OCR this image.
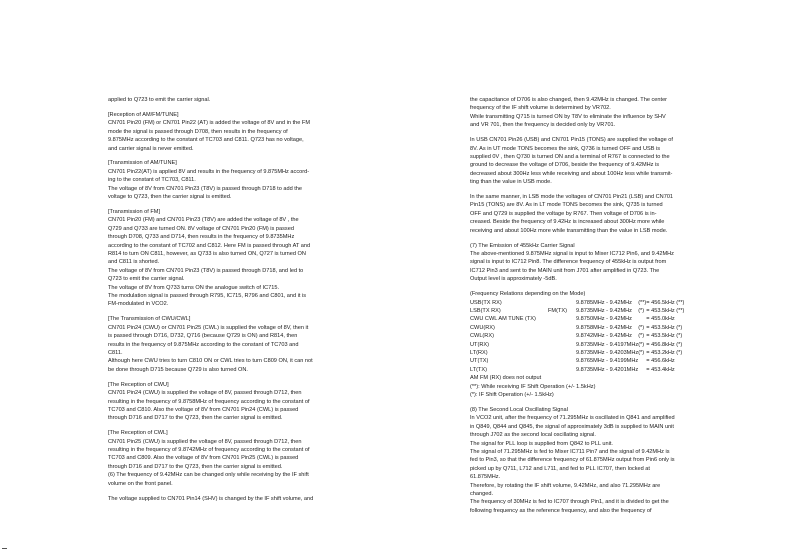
applied to Q723 to emit the carrier signal.

[Reception of AM/FM/TUNE]
CN701 Pin20 (FM) or CN701 Pin22 (AT) is added the voltage of 8V and in the FM
mode the signal is passed through D708, then results in the frequency of
9.875MHz according to the constant of TC703 and C811. Q723 has no voltage,
and carrier signal is never emitted.
[Transmission of AM/TUNE]
CN701 Pin22(AT) is applied 8V and results in the frequency of 9.875MHz accord-
ing to the constant of TC703, C811.
The voltage of 8V from CN701 Pin23 (T8V) is passed through D718 to add the
voltage to Q723, then the carrier signal is emitted.
[Transmission of FM]
CN701 Pin20 (FM) and CN701 Pin23 (T8V) are added the voltage of 8V , the
Q729 and Q733 are turned ON. 8V voltage of CN701 Pin20 (FM) is passed
through D708, Q733 and D714, then results in the frequency of 9.8735MHz
according to the constant of TC702 and C812. Here FM is passed through AT and
R814 to turn ON C811, however, as Q733 is also turned ON, Q727 is turned ON
and C811 is shorted.
The voltage of 8V from CN701 Pin23 (T8V) is passed through D718, and led to
Q723 to emit the carrier signal.
The voltage of 8V from Q733 turns ON the analogue switch of IC715.
The modulation signal is passed through R795, IC715, R796 and C801, and it is
FM-modulated in VCO2.
[The Transmission of CWU/CWL]
CN701 Pin24 (CWU) or CN701 Pin25 (CWL) is supplied the voltage of 8V, then it
is passed through D716, D732, Q716 (because Q729 is ON) and R814, then
results in the frequency of 9.875MHz according to the constant of TC703 and
C811.
Although here CWU tries to turn C810 ON or CWL tries to turn C809 ON, it can not
be done through D715 because Q729 is also turned ON.
[The Reception of CWU]
CN701 Pin24 (CWU) is supplied the voltage of 8V, passed through D712, then
resulting in the frequency of 9.8758MHz of frequency according to the constant of
TC703 and C810. Also the voltage of 8V from CN701 Pin24 (CWL) is passed
through D716 and D717 to the Q723, then the carrier signal is emitted.
[The Reception of CWL]
CN701 Pin25 (CWU) is supplied the voltage of 8V, passed through D712, then
resulting in the frequency of 9.8742MHz of frequency according to the constant of
TC703 and C809. Also the voltage of 8V from CN701 Pin25 (CWL) is passed
through D716 and D717 to the Q723, then the carrier signal is emitted.
(6) The frequency of 9.42MHz can be changed only while receiving by the IF shift
volume on the front panel.

The voltage supplied to CN701 Pin14 (SHV) is changed by the IF shift volume, and

the capacitance of D706 is also changed, then 9.42MHz is changed. The center
frequency of the IF shift volume is determined by VR702.
While transmitting Q715 is turned ON by T8V to eliminate the influence by SHV
and VR 701, then the frequency is decided only by VR701.

In USB CN701 Pin26 (USB) and CN701 Pin15 (TONS) are supplied the voltage of
8V. As in UT mode TONS becomes the sink, Q736 is turned OFF and USB is
supplied 0V , then Q730 is turned ON and a terminal of R767 is connected to the
ground to decrease the voltage of D706, beside the frequency of 9.42MHz is
decreased about 300Hz less while receiving and about 100Hz less while transmit-
ting than the value in USB mode.

In the same manner, in LSB mode the voltages of CN701 Pin21 (LSB) and CN701
Pin15 (TONS) are 8V. As in LT mode TONS becomes the sink, Q735 is turned
OFF and Q729 is supplied the voltage by R767. Then voltage of D706 is in-
creased. Beside the frequency of 9.42Hz is increased about 300Hz more while
receiving and about 100Hz more while transmitting than the value in LSB mode.

(7) The Emission of 455kHz Carrier Signal
The above-mentioned 9.875MHz signal is input to Mixer IC712 Pin6, and 9.42MHz
signal is input to IC712 Pin8. The difference frequency of 455kHz is output from
IC712 Pin3 and sent to the MAIN unit from J701 after amplified in Q723. The
Output level is approximately -5dB.
(Frequency Relations depending on the Mode)
USB(TX RX)		9.8785MHz - 9.42MHz	(**)	= 456.5kHz (**)
LSB(TX RX)	FM(TX)	9.8735MHz - 9.42MHz	(*)	= 453.5kHz (**)
CWU CWL AM TUNE (TX)		9.8750MHz - 9.42MHz		= 455.0kHz
CWU(RX)		9.8758MHz - 9.42MHz	(*)	= 453.5kHz (*)
CWL(RX)		9.8742MHz - 9.42MHz	(*)	= 453.5kHz (*)
UT(RX)		9.8735MHz - 9.4197MHz	(*)	= 456.8kHz (*)
LT(RX)		9.8735MHz - 9.4203MHz	(*)	= 453.2kHz (*)
UT(TX)		9.8765MHz - 9.4199MHz		= 456.6kHz
LT(TX)		9.8735MHz - 9.4201MHz		= 453.4kHz
AM FM (RX) does not output
(**): While receiving IF Shift Operation (+/- 1.5kHz)
(*): IF Shift Operation (+/- 1.5kHz)
(8) The Second Local Oscillating Signal
In VCO2 unit, after the frequency of 71.295MHz is oscillated in Q841 and amplified
in Q849, Q844 and Q845, the signal of approximately 3dB is supplied to MAIN unit
through J702 as the second local oscillating signal.
The signal for PLL loop is supplied from Q842 to PLL unit.
The signal of 71.295MHz is fed to Mixer IC711 Pin7 and the signal of 9.42MHz is
fed to Pin3, so that the difference frequency of 61.875MHz output from Pin6 only is
picked up by Q711, L712 and L711, and fed to PLL IC707, then locked at
61.875MHz.
Therefore, by rotating the IF shift volume, 9.42MHz, and also 71.295MHz are
changed.
The frequency of 30MHz is fed to IC707 through Pin1, and it is divided to get the
following frequency as the reference frequency, and also the frequency of
